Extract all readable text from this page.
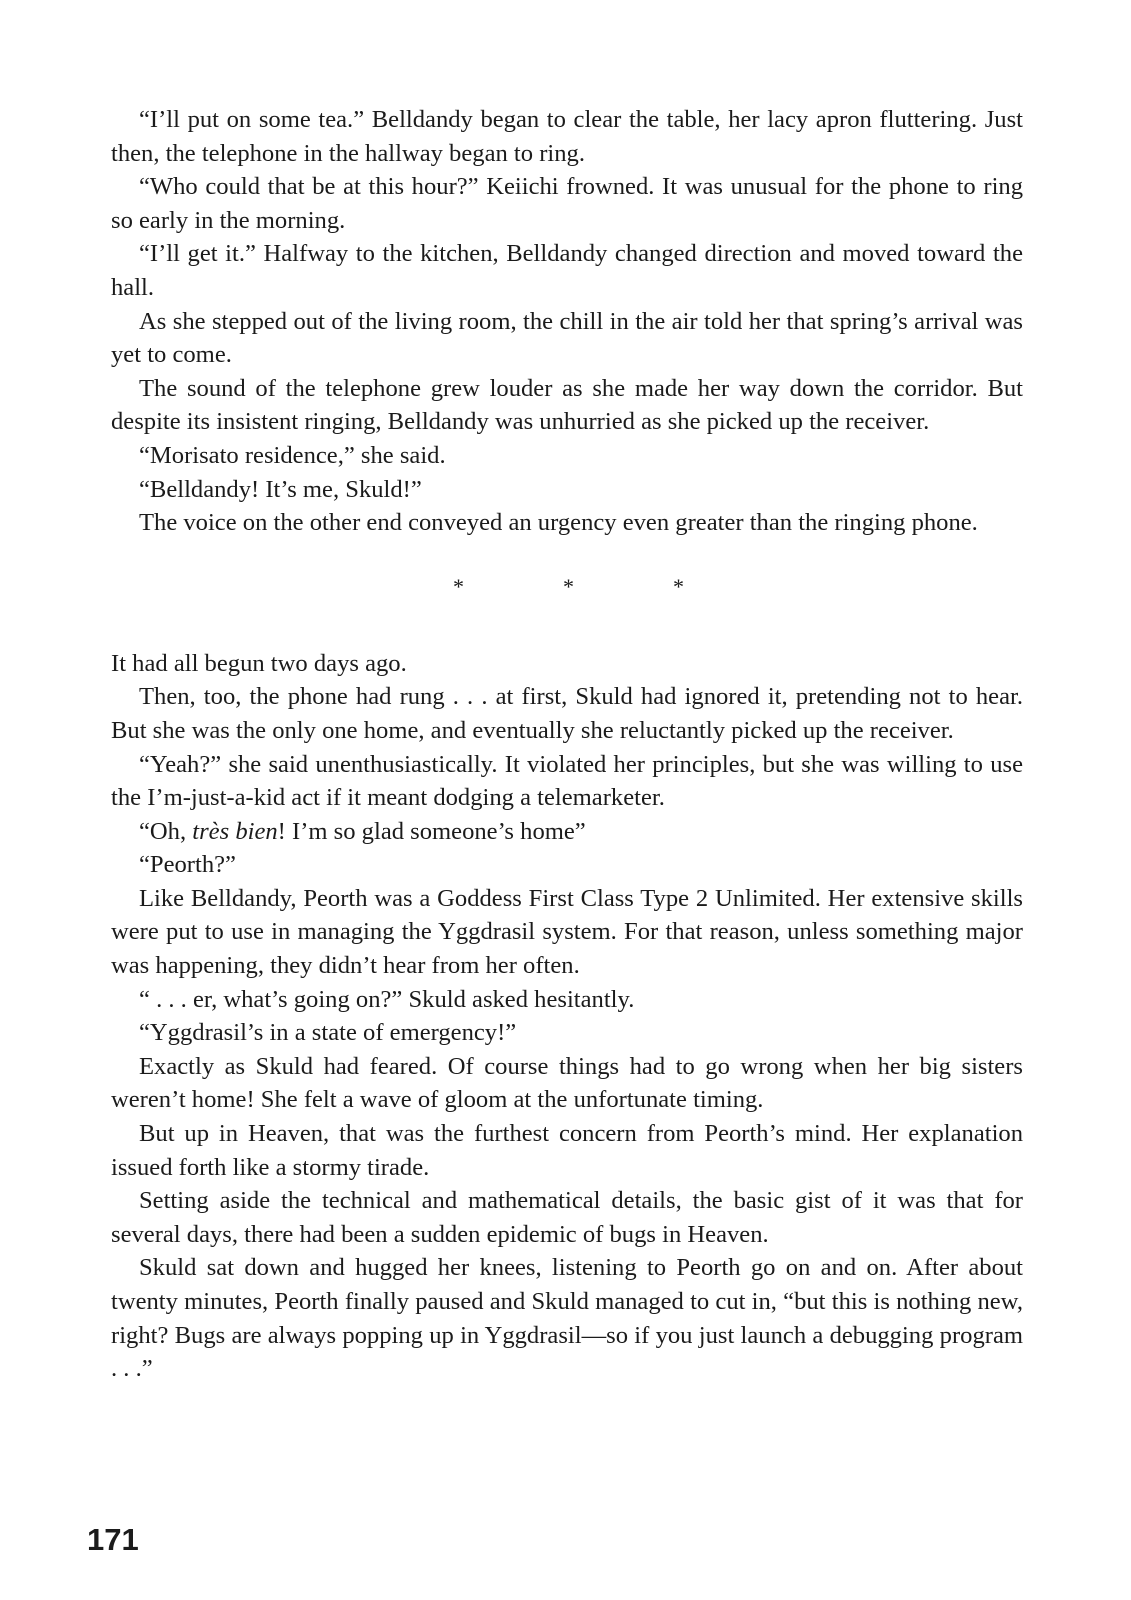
“I’ll put on some tea.” Belldandy began to clear the table, her lacy apron fluttering. Just then, the telephone in the hallway began to ring.

“Who could that be at this hour?” Keiichi frowned. It was unusual for the phone to ring so early in the morning.

“I’ll get it.” Halfway to the kitchen, Belldandy changed direction and moved toward the hall.

As she stepped out of the living room, the chill in the air told her that spring’s arrival was yet to come.

The sound of the telephone grew louder as she made her way down the corridor. But despite its insistent ringing, Belldandy was unhurried as she picked up the receiver.

“Morisato residence,” she said.

“Belldandy! It’s me, Skuld!”

The voice on the other end conveyed an urgency even greater than the ringing phone.

*	*	*

It had all begun two days ago.

Then, too, the phone had rung . . . at first, Skuld had ignored it, pretending not to hear. But she was the only one home, and eventually she reluctantly picked up the receiver.

“Yeah?” she said unenthusiastically. It violated her principles, but she was willing to use the I’m-just-a-kid act if it meant dodging a telemarketer.

“Oh, très bien! I’m so glad someone’s home”

“Peorth?”

Like Belldandy, Peorth was a Goddess First Class Type 2 Unlimited. Her extensive skills were put to use in managing the Yggdrasil system. For that reason, unless something major was happening, they didn’t hear from her often.

“ . . . er, what’s going on?” Skuld asked hesitantly.

“Yggdrasil’s in a state of emergency!”

Exactly as Skuld had feared. Of course things had to go wrong when her big sisters weren’t home! She felt a wave of gloom at the unfortunate timing.

But up in Heaven, that was the furthest concern from Peorth’s mind. Her explanation issued forth like a stormy tirade.

Setting aside the technical and mathematical details, the basic gist of it was that for several days, there had been a sudden epidemic of bugs in Heaven.

Skuld sat down and hugged her knees, listening to Peorth go on and on. After about twenty minutes, Peorth finally paused and Skuld managed to cut in, “but this is nothing new, right? Bugs are always popping up in Yggdrasil—so if you just launch a debugging program . . .”

171
